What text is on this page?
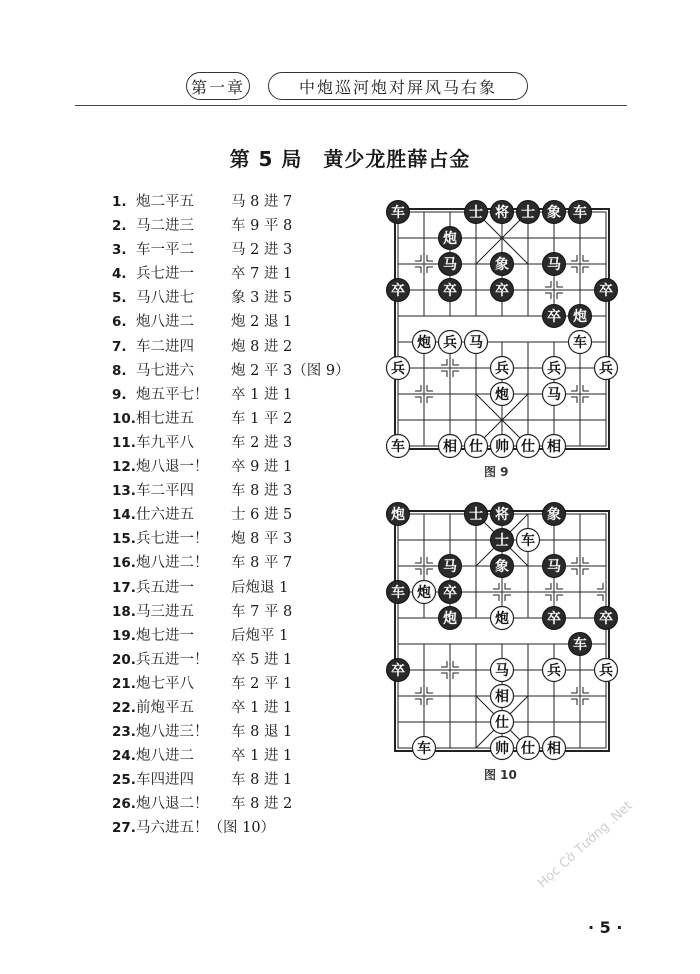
第一章	中炮巡河炮对屏风马右象
第 5 局　黄少龙胜薛占金
1. 炮二平五	马 8 进 7
2. 马二进三	车 9 平 8
3. 车一平二	马 2 进 3
4. 兵七进一	卒 7 进 1
5. 马八进七	象 3 进 5
6. 炮八进二	炮 2 退 1
7. 车二进四	炮 8 进 2
8. 马七进六	炮 2 平 3（图 9）
9. 炮五平七！ 卒 1 进 1
10.相七进五	车 1 平 2
11.车九平八	车 2 进 3
12.炮八退一！ 卒 9 进 1
13.车二平四	车 8 进 3
14.仕六进五	士 6 进 5
15.兵七进一！ 炮 8 平 3
16.炮八进二！ 车 8 平 7
17.兵五进一	后炮退 1
18.马三进五	车 7 平 8
19.炮七进一	后炮平 1
20.兵五进一！ 卒 5 进 1
21.炮七平八	车 2 平 1
22.前炮平五	卒 1 进 1
23.炮八进三！ 车 8 退 1
24.炮八进二	卒 1 进 1
25.车四进四	车 8 进 1
26.炮八退二！ 车 8 进 2
27.马六进五！（图 10）
车	士 将 士 象 车
炮
马	象	马
卒	卒	卒	卒
卒 炮
炮 兵 马	车
兵	兵	兵	兵
炮	马
车	相 仕 帅 仕 相
图 9
炮	士 将	象
士 车
马	象	马
车 炮 卒
炮	炮	卒	卒
车
卒	马	兵	兵
相
仕
车	帅 仕 相
图 10
· 5 ·
Học Cờ Tướng .Net
